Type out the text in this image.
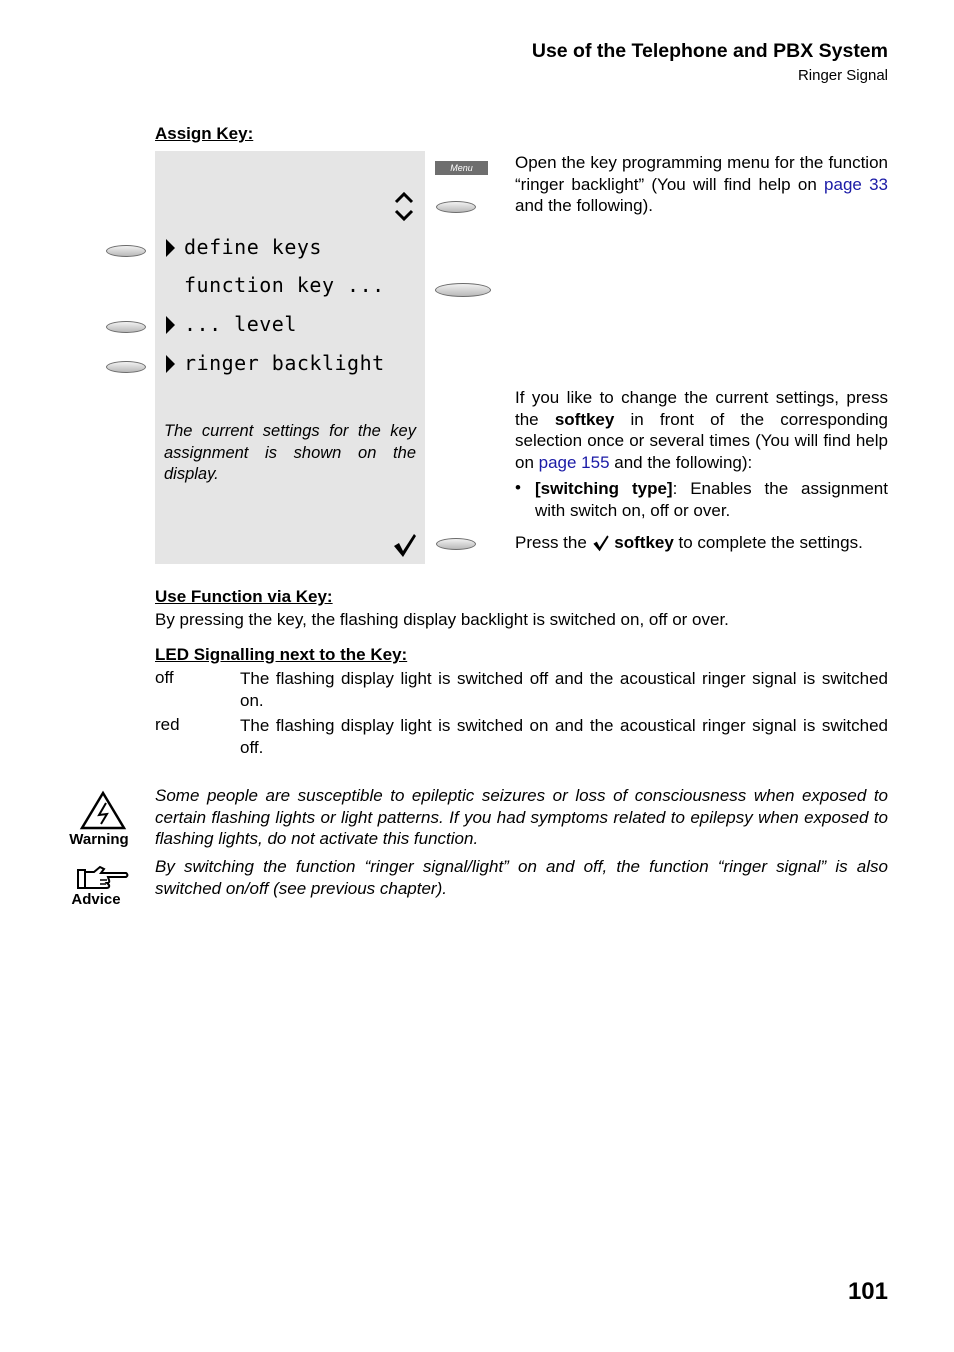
Use of the Telephone and PBX System
Ringer Signal
Assign Key:
define keys
function key ...
... level
ringer backlight
The current settings for the key assignment is shown on the display.
Menu	Open the key programming menu for the function “ringer backlight” (You will find help on page 33 and the following).
If you like to change the current settings, press the softkey in front of the corresponding selection once or several times (You will find help on page 155 and the following):
• [switching type]: Enables the assignment with switch on, off or over.
Press the  softkey to complete the settings.
Use Function via Key:
By pressing the key, the flashing display backlight is switched on, off or over.
LED Signalling next to the Key:
off	The flashing display light is switched off and the acoustical ringer signal is switched on.
red	The flashing display light is switched on and the acoustical ringer signal is switched off.
Warning
Some people are susceptible to epileptic seizures or loss of consciousness when exposed to certain flashing lights or light patterns. If you had symptoms related to epilepsy when exposed to flashing lights, do not activate this function.
Advice
By switching the function “ringer signal/light” on and off, the function “ringer signal” is also switched on/off (see previous chapter).
101
